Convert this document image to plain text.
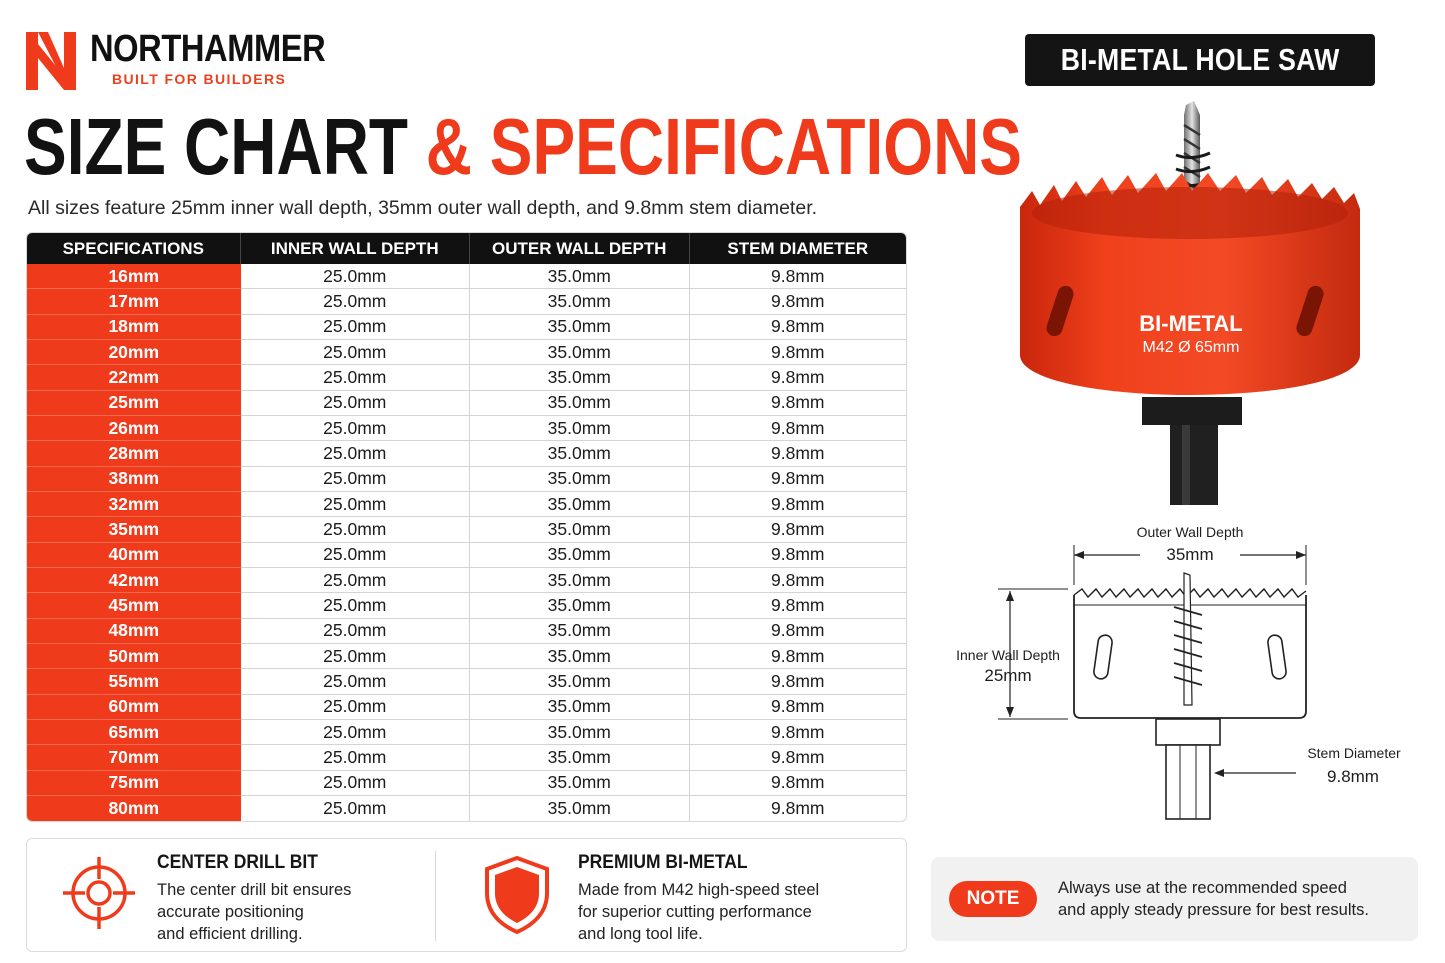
NORTHAMMER
BUILT FOR BUILDERS
SIZE CHART & SPECIFICATIONS
All sizes feature 25mm inner wall depth, 35mm outer wall depth, and 9.8mm stem diameter.
SPECIFICATIONS	INNER WALL DEPTH	OUTER WALL DEPTH	STEM DIAMETER
16mm	25.0mm	35.0mm	9.8mm
17mm	25.0mm	35.0mm	9.8mm
18mm	25.0mm	35.0mm	9.8mm
20mm	25.0mm	35.0mm	9.8mm
22mm	25.0mm	35.0mm	9.8mm
25mm	25.0mm	35.0mm	9.8mm
26mm	25.0mm	35.0mm	9.8mm
28mm	25.0mm	35.0mm	9.8mm
38mm	25.0mm	35.0mm	9.8mm
32mm	25.0mm	35.0mm	9.8mm
35mm	25.0mm	35.0mm	9.8mm
40mm	25.0mm	35.0mm	9.8mm
42mm	25.0mm	35.0mm	9.8mm
45mm	25.0mm	35.0mm	9.8mm
48mm	25.0mm	35.0mm	9.8mm
50mm	25.0mm	35.0mm	9.8mm
55mm	25.0mm	35.0mm	9.8mm
60mm	25.0mm	35.0mm	9.8mm
65mm	25.0mm	35.0mm	9.8mm
70mm	25.0mm	35.0mm	9.8mm
75mm	25.0mm	35.0mm	9.8mm
80mm	25.0mm	35.0mm	9.8mm
CENTER DRILL BIT
The center drill bit ensures
accurate positioning
and efficient drilling.
PREMIUM BI-METAL
Made from M42 high-speed steel
for superior cutting performance
and long tool life.
BI-METAL HOLE SAW
BI-METAL
M42 Ø 65mm
Outer Wall Depth
35mm
Inner Wall Depth
25mm
Stem Diameter
9.8mm
NOTE	Always use at the recommended speed
and apply steady pressure for best results.
